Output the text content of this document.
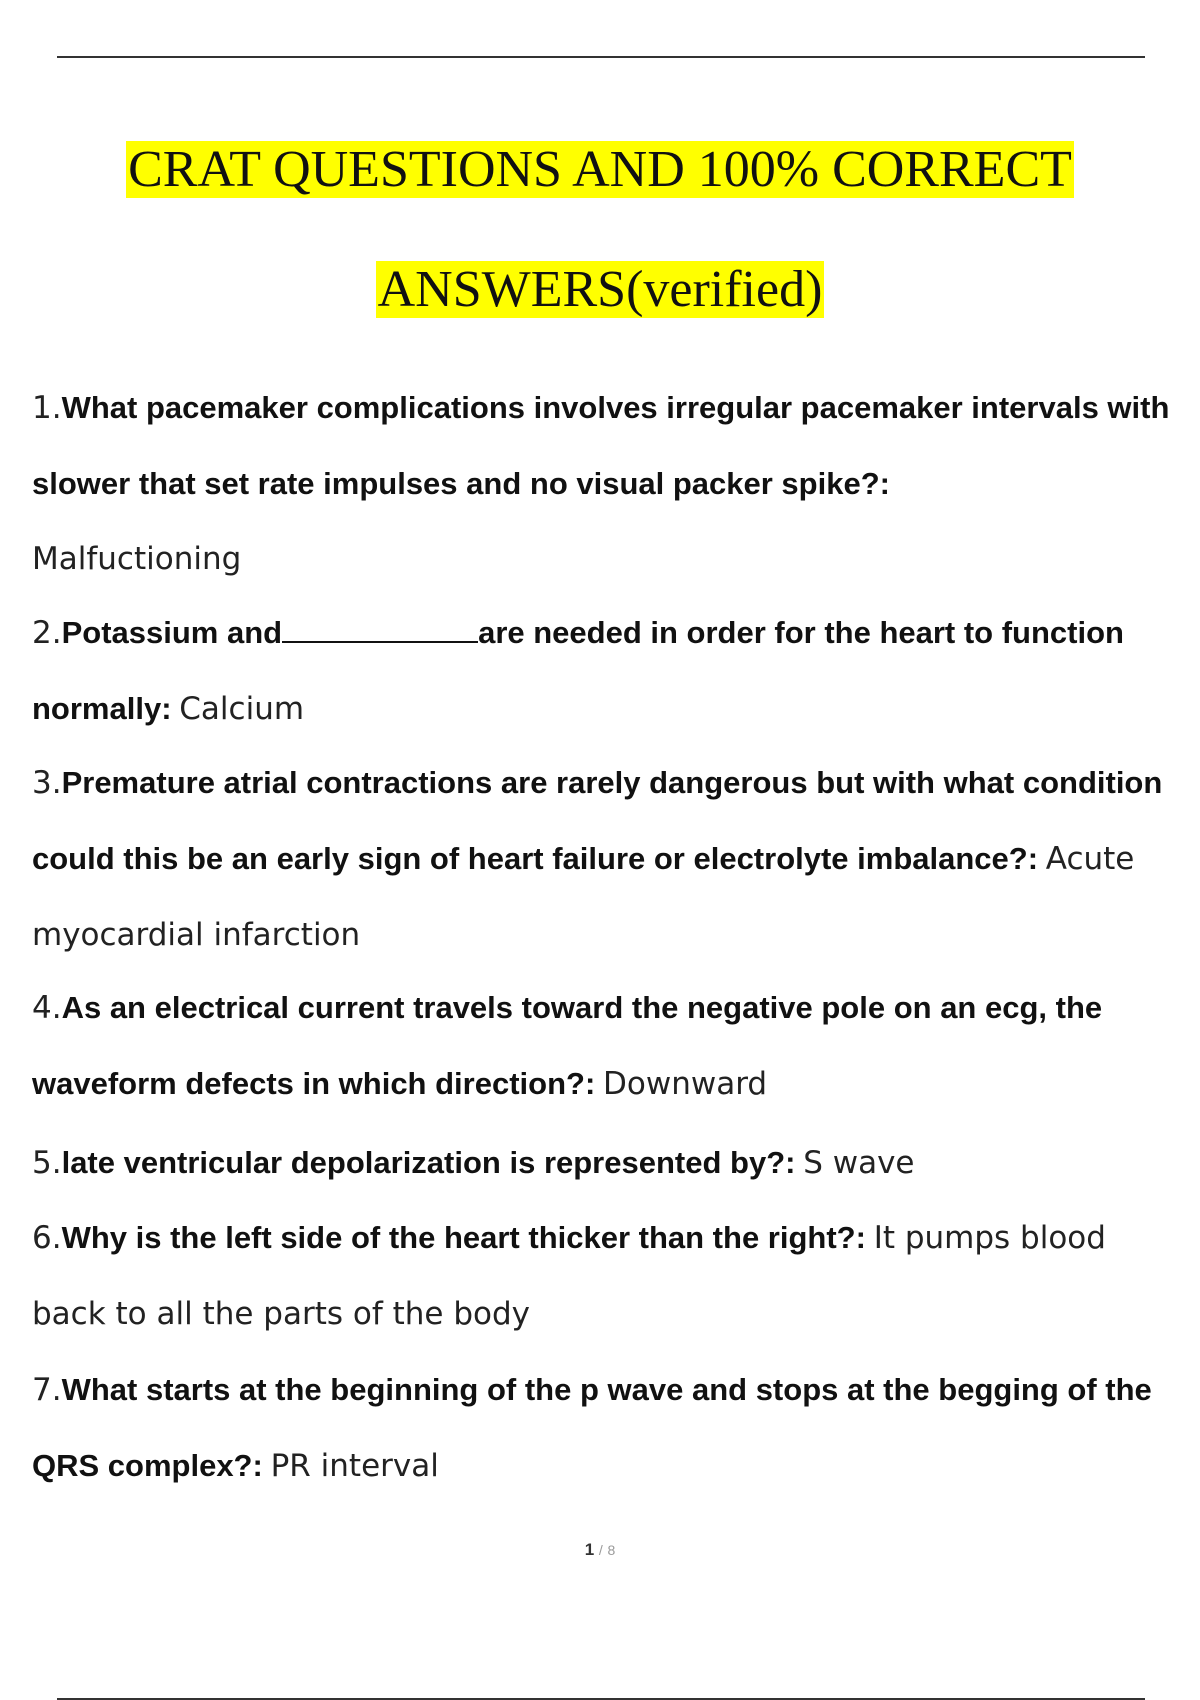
CRAT QUESTIONS AND 100% CORRECT
ANSWERS(verified)

1.What pacemaker complications involves irregular pacemaker intervals with slower that set rate impulses and no visual packer spike?:
Malfuctioning

2.Potassium and	are needed in order for the heart to function normally: Calcium

3.Premature atrial contractions are rarely dangerous but with what condition could this be an early sign of heart failure or electrolyte imbalance?: Acute myocardial infarction

4.As an electrical current travels toward the negative pole on an ecg, the waveform defects in which direction?: Downward

5.late ventricular depolarization is represented by?: S wave

6.Why is the left side of the heart thicker than the right?: It pumps blood back to all the parts of the body

7.What starts at the beginning of the p wave and stops at the begging of the QRS complex?: PR interval

1 / 8
